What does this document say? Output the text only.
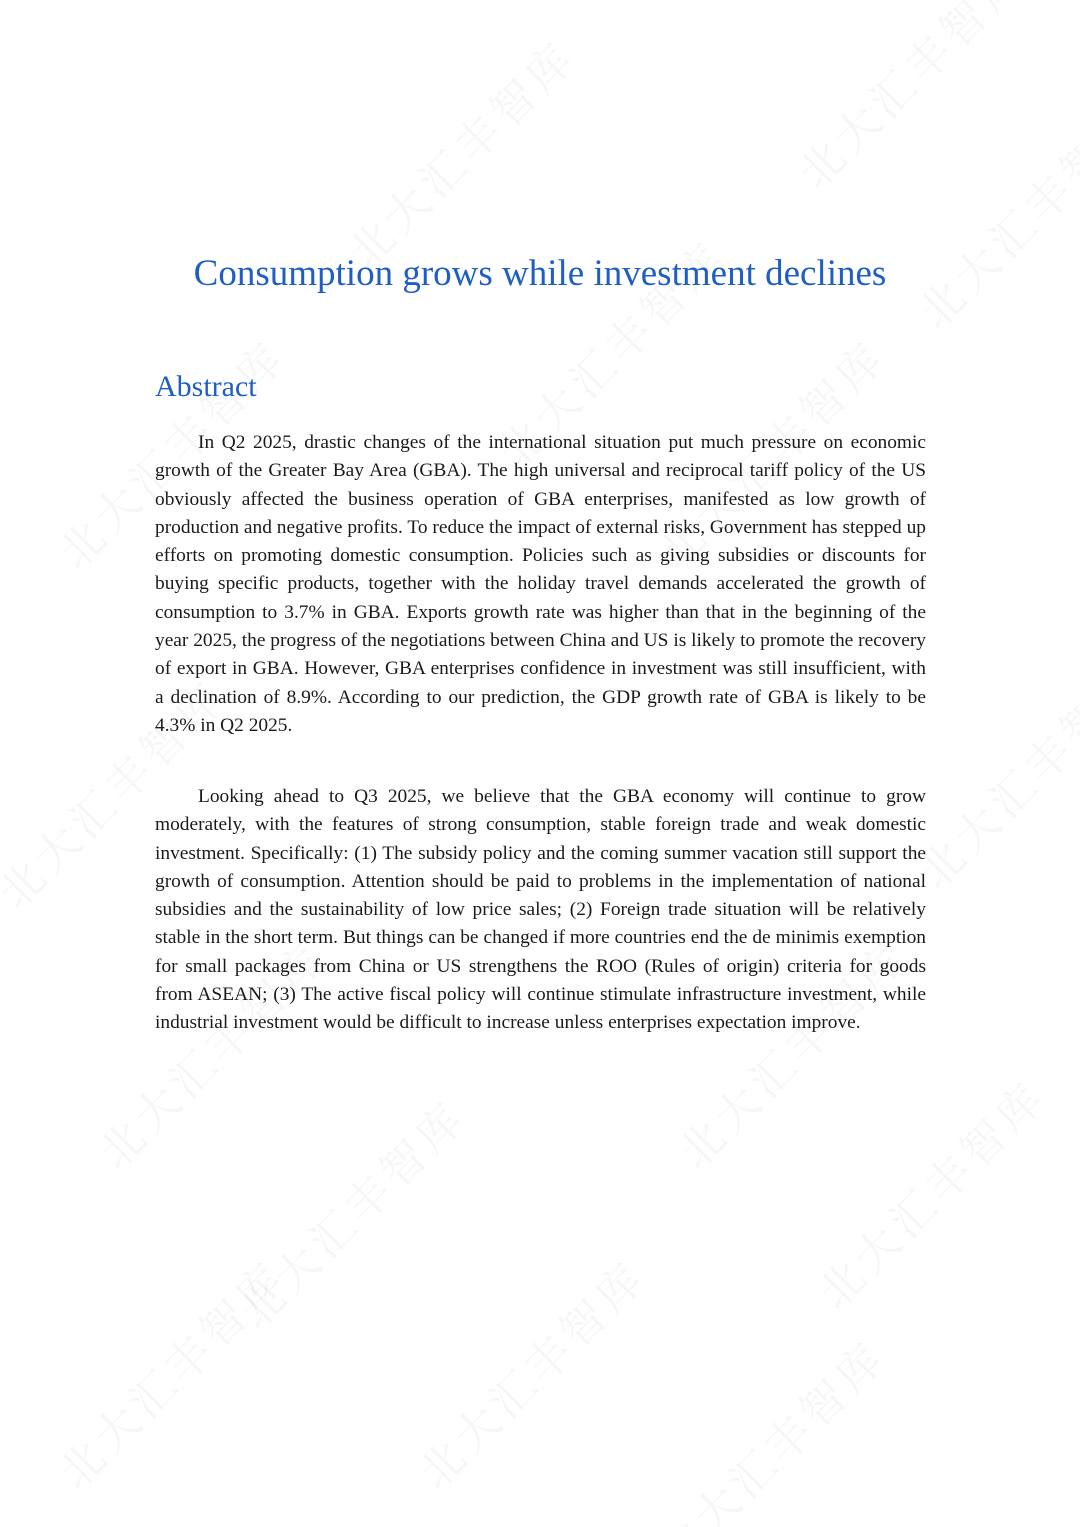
Consumption grows while investment declines
Abstract

In Q2 2025, drastic changes of the international situation put much pressure on economic growth of the Greater Bay Area (GBA). The high universal and reciprocal tariff policy of the US obviously affected the business operation of GBA enterprises, manifested as low growth of production and negative profits. To reduce the impact of external risks, Government has stepped up efforts on promoting domestic consumption. Policies such as giving subsidies or discounts for buying specific products, together with the holiday travel demands accelerated the growth of consumption to 3.7% in GBA. Exports growth rate was higher than that in the beginning of the year 2025, the progress of the negotiations between China and US is likely to promote the recovery of export in GBA. However, GBA enterprises confidence in investment was still insufficient, with a declination of 8.9%. According to our prediction, the GDP growth rate of GBA is likely to be 4.3% in Q2 2025.

Looking ahead to Q3 2025, we believe that the GBA economy will continue to grow moderately, with the features of strong consumption, stable foreign trade and weak domestic investment. Specifically: (1) The subsidy policy and the coming summer vacation still support the growth of consumption. Attention should be paid to problems in the implementation of national subsidies and the sustainability of low price sales; (2) Foreign trade situation will be relatively stable in the short term. But things can be changed if more countries end the de minimis exemption for small packages from China or US strengthens the ROO (Rules of origin) criteria for goods from ASEAN; (3) The active fiscal policy will continue stimulate infrastructure investment, while industrial investment would be difficult to increase unless enterprises expectation improve.
